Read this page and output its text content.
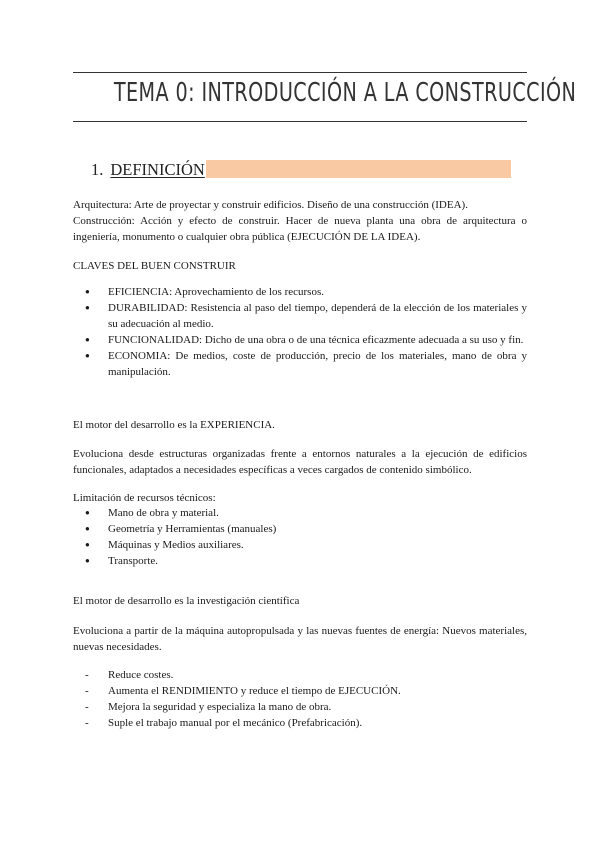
TEMA 0: INTRODUCCIÓN A LA CONSTRUCCIÓN
1. DEFINICIÓN

Arquitectura: Arte de proyectar y construir edificios. Diseño de una construcción (IDEA).

Construcción: Acción y efecto de construir. Hacer de nueva planta una obra de arquitectura o ingeniería, monumento o cualquier obra pública (EJECUCIÓN DE LA IDEA).

CLAVES DEL BUEN CONSTRUIR

●
EFICIENCIA: Aprovechamiento de los recursos.
●
DURABILIDAD: Resistencia al paso del tiempo, dependerá de la elección de los materiales y su adecuación al medio.
●
FUNCIONALIDAD: Dicho de una obra o de una técnica eficazmente adecuada a su uso y fin.
●
ECONOMIA: De medios, coste de producción, precio de los materiales, mano de obra y manipulación.

El motor del desarrollo es la EXPERIENCIA.

Evoluciona desde estructuras organizadas frente a entornos naturales a la ejecución de edificios funcionales, adaptados a necesidades específicas a veces cargados de contenido simbólico.

Limitación de recursos técnicos:

●
Mano de obra y material.
●
Geometría y Herramientas (manuales)
●
Máquinas y Medios auxiliares.
●
Transporte.

El motor de desarrollo es la investigación científica

Evoluciona a partir de la máquina autopropulsada y las nuevas fuentes de energía: Nuevos materiales, nuevas necesidades.

-
Reduce costes.
-
Aumenta el RENDIMIENTO y reduce el tiempo de EJECUCIÓN.
-
Mejora la seguridad y especializa la mano de obra.
-
Suple el trabajo manual por el mecánico (Prefabricación).
